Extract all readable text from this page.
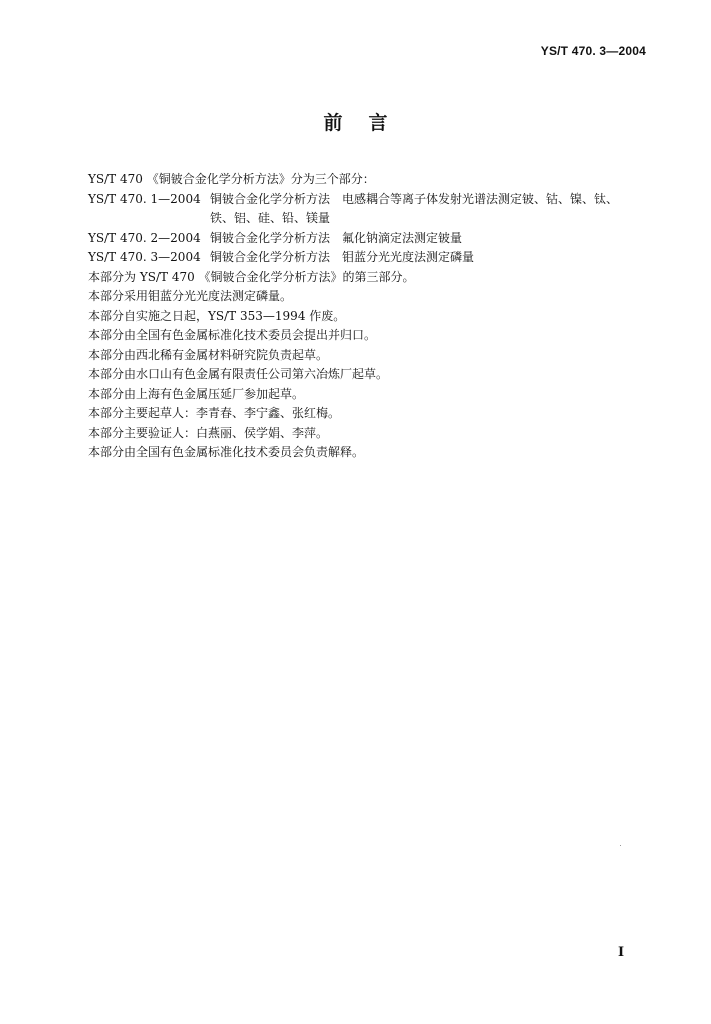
YS/T 470. 3—2004
前言
YS/T 470 《铜铍合金化学分析方法》分为三个部分：
YS/T 470. 1—2004 铜铍合金化学分析方法 电感耦合等离子体发射光谱法测定铍、钴、镍、钛、
铁、铝、硅、铅、镁量
YS/T 470. 2—2004 铜铍合金化学分析方法 氟化钠滴定法测定铍量
YS/T 470. 3—2004 铜铍合金化学分析方法 钼蓝分光光度法测定磷量
本部分为 YS/T 470 《铜铍合金化学分析方法》的第三部分。
本部分采用钼蓝分光光度法测定磷量。
本部分自实施之日起，YS/T 353—1994 作废。
本部分由全国有色金属标准化技术委员会提出并归口。
本部分由西北稀有金属材料研究院负责起草。
本部分由水口山有色金属有限责任公司第六冶炼厂起草。
本部分由上海有色金属压延厂参加起草。
本部分主要起草人：李青春、李宁鑫、张红梅。
本部分主要验证人：白燕丽、侯学娟、李萍。
本部分由全国有色金属标准化技术委员会负责解释。
I
